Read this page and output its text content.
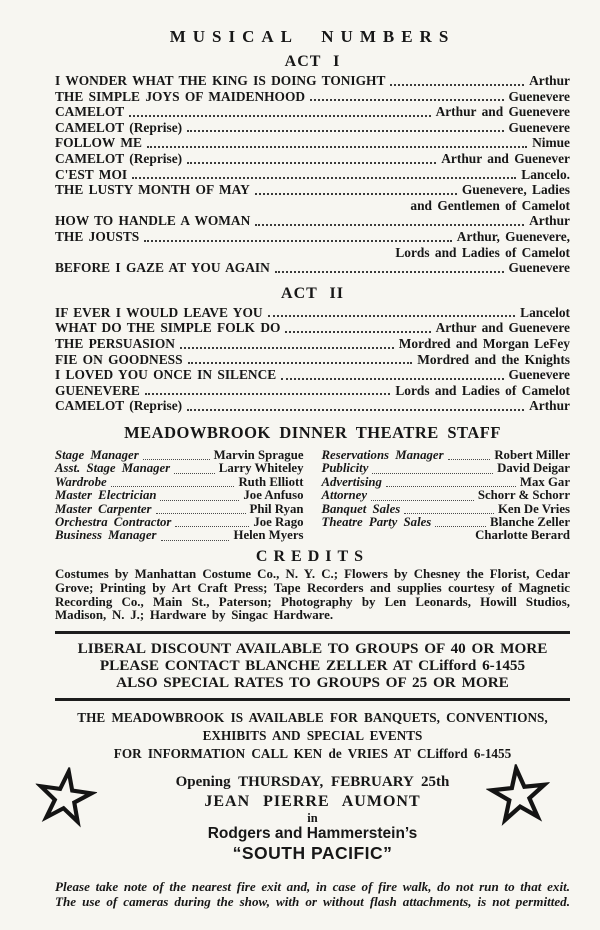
MUSICAL NUMBERS
ACT I
I WONDER WHAT THE KING IS DOING TONIGHT	Arthur
THE SIMPLE JOYS OF MAIDENHOOD	Guenevere
CAMELOT	Arthur and Guenevere
CAMELOT (Reprise)	Guenevere
FOLLOW ME	Nimue
CAMELOT (Reprise)	Arthur and Guenever
C'EST MOI	Lancelo.
THE LUSTY MONTH OF MAY	Guenevere, Ladies
and Gentlemen of Camelot
HOW TO HANDLE A WOMAN	Arthur
THE JOUSTS	Arthur, Guenevere,
Lords and Ladies of Camelot
BEFORE I GAZE AT YOU AGAIN	Guenevere
ACT II
IF EVER I WOULD LEAVE YOU	Lancelot
WHAT DO THE SIMPLE FOLK DO	Arthur and Guenevere
THE PERSUASION	Mordred and Morgan LeFey
FIE ON GOODNESS	Mordred and the Knights
I LOVED YOU ONCE IN SILENCE	Guenevere
GUENEVERE	Lords and Ladies of Camelot
CAMELOT (Reprise)	Arthur
MEADOWBROOK DINNER THEATRE STAFF
Stage Manager	Marvin Sprague
Asst. Stage Manager	Larry Whiteley
Wardrobe	Ruth Elliott
Master Electrician	Joe Anfuso
Master Carpenter	Phil Ryan
Orchestra Contractor	Joe Rago
Business Manager	Helen Myers
Reservations Manager	Robert Miller
Publicity	David Deigar
Advertising	Max Gar
Attorney	Schorr & Schorr
Banquet Sales	Ken De Vries
Theatre Party Sales	Blanche Zeller
Charlotte Berard
CREDITS
Costumes by Manhattan Costume Co., N. Y. C.; Flowers by Chesney the Florist, Cedar Grove; Printing by Art Craft Press; Tape Recorders and supplies courtesy of Magnetic Recording Co., Main St., Paterson; Photography by Len Leonards, Howill Studios, Madison, N. J.; Hardware by Singac Hardware.
LIBERAL DISCOUNT AVAILABLE TO GROUPS OF 40 OR MORE
PLEASE CONTACT BLANCHE ZELLER AT CLifford 6-1455
ALSO SPECIAL RATES TO GROUPS OF 25 OR MORE
THE MEADOWBROOK IS AVAILABLE FOR BANQUETS, CONVENTIONS,
EXHIBITS AND SPECIAL EVENTS
FOR INFORMATION CALL KEN de VRIES AT CLifford 6-1455
Opening THURSDAY, FEBRUARY 25th
JEAN PIERRE AUMONT
in
Rodgers and Hammerstein’s
“SOUTH PACIFIC”
Please take note of the nearest fire exit and, in case of fire walk, do not run to that exit.
The use of cameras during the show, with or without flash attachments, is not permitted.
